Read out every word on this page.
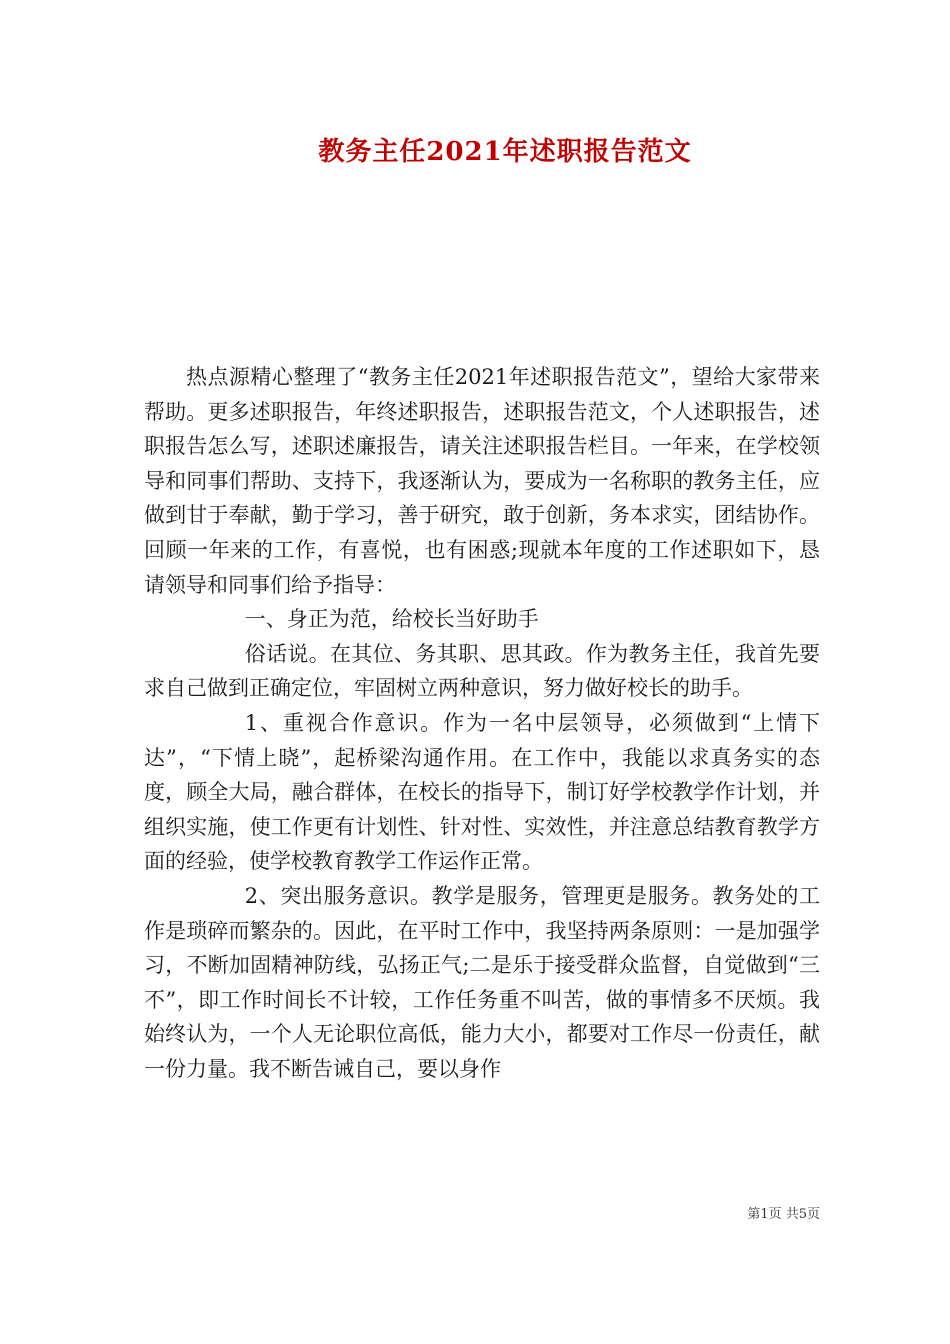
教务主任2021年述职报告范文

热点源精心整理了“教务主任2021年述职报告范文”，望给大家带来帮助。更多述职报告，年终述职报告，述职报告范文，个人述职报告，述职报告怎么写，述职述廉报告，请关注述职报告栏目。一年来，在学校领导和同事们帮助、支持下，我逐渐认为，要成为一名称职的教务主任，应做到甘于奉献，勤于学习，善于研究，敢于创新，务本求实，团结协作。回顾一年来的工作，有喜悦，也有困惑;现就本年度的工作述职如下，恳请领导和同事们给予指导：

一、身正为范，给校长当好助手

俗话说。在其位、务其职、思其政。作为教务主任，我首先要求自己做到正确定位，牢固树立两种意识，努力做好校长的助手。

1、重视合作意识。作为一名中层领导，必须做到“上情下达”，“下情上晓”，起桥梁沟通作用。在工作中，我能以求真务实的态度，顾全大局，融合群体，在校长的指导下，制订好学校教学作计划，并组织实施，使工作更有计划性、针对性、实效性，并注意总结教育教学方面的经验，使学校教育教学工作运作正常。

2、突出服务意识。教学是服务，管理更是服务。教务处的工作是琐碎而繁杂的。因此，在平时工作中，我坚持两条原则：一是加强学习，不断加固精神防线，弘扬正气;二是乐于接受群众监督，自觉做到“三不”，即工作时间长不计较，工作任务重不叫苦，做的事情多不厌烦。我始终认为，一个人无论职位高低，能力大小，都要对工作尽一份责任，献一份力量。我不断告诫自己，要以身作

第1页 共5页
